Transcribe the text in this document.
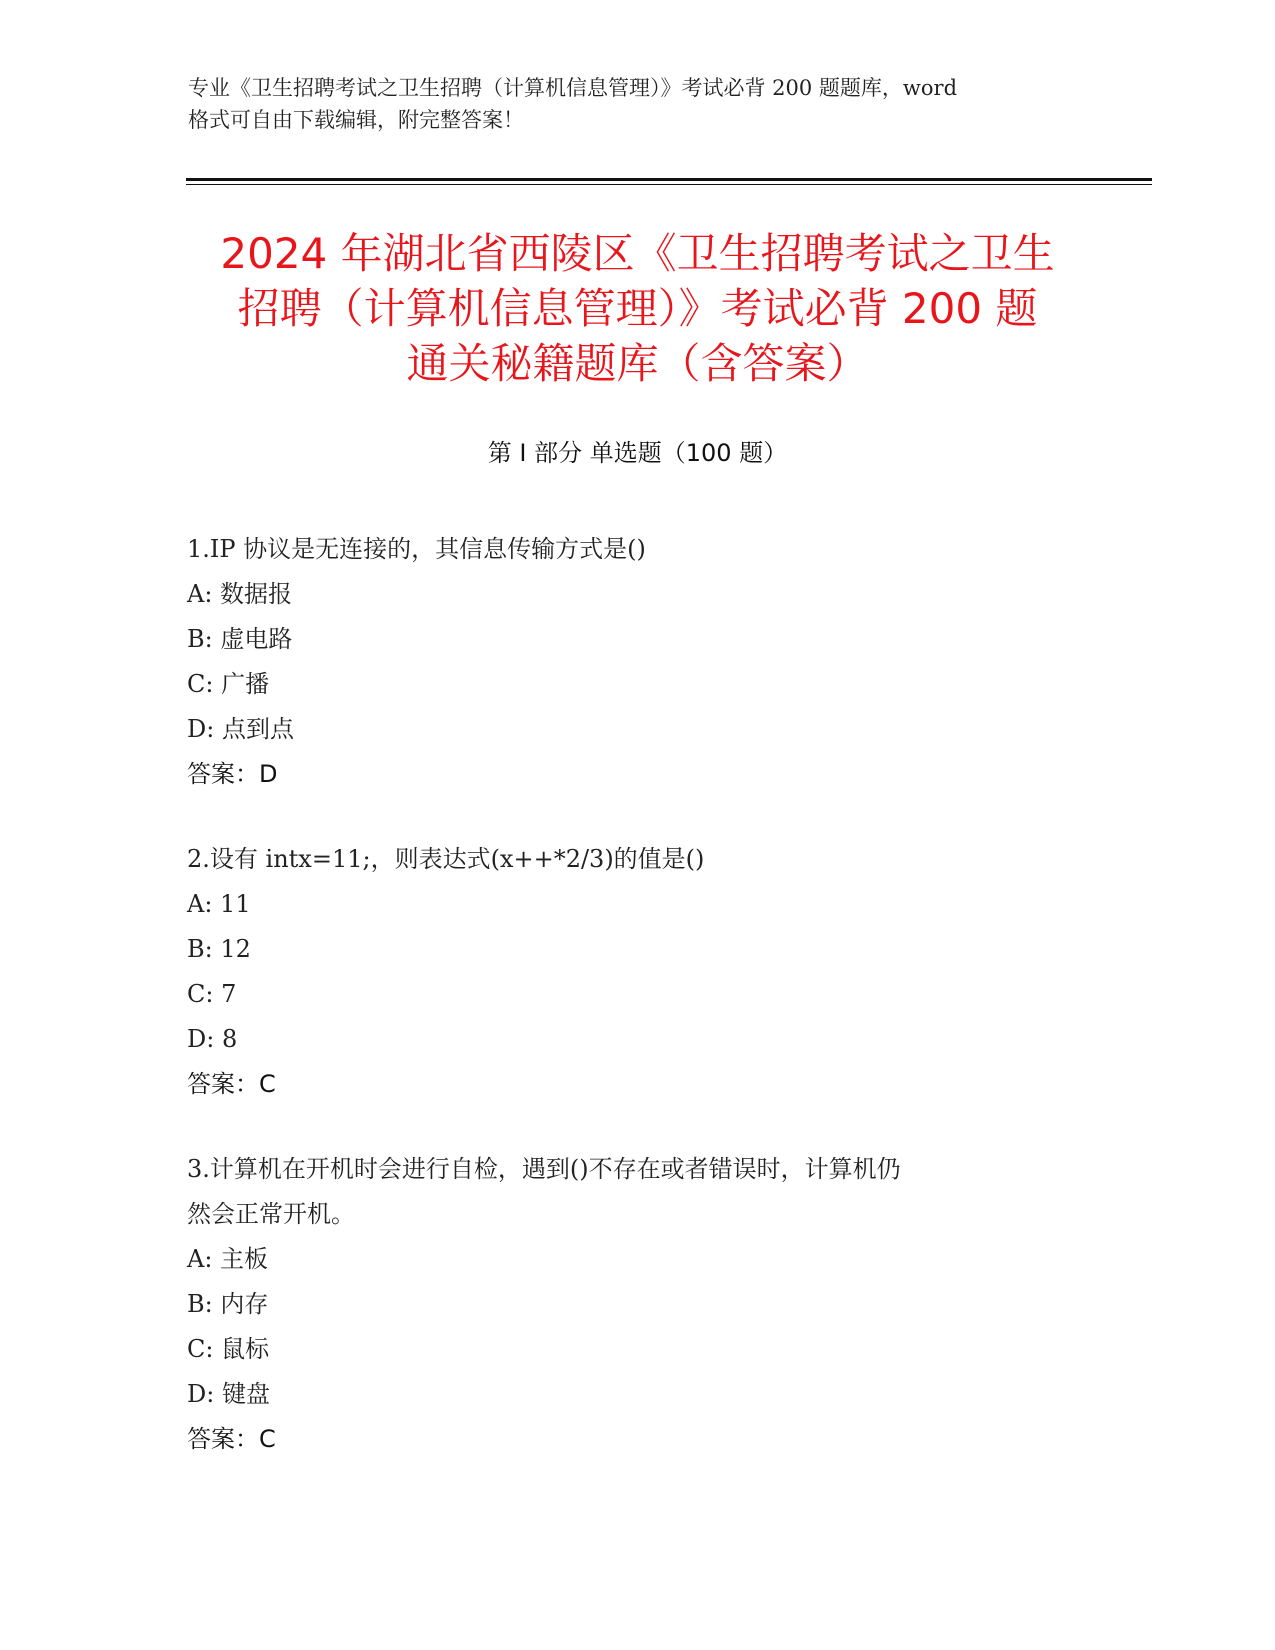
专业《卫生招聘考试之卫生招聘（计算机信息管理）》考试必背 200 题题库，word
格式可自由下载编辑，附完整答案！
2024 年湖北省西陵区《卫生招聘考试之卫生
招聘（计算机信息管理）》考试必背 200 题
通关秘籍题库（含答案）
第 I 部分 单选题（100 题）
1.IP 协议是无连接的，其信息传输方式是()
A: 数据报
B: 虚电路
C: 广播
D: 点到点
答案：D
2.设有 intx=11;，则表达式(x++*2/3)的值是()
A: 11
B: 12
C: 7
D: 8
答案：C
3.计算机在开机时会进行自检，遇到()不存在或者错误时，计算机仍
然会正常开机。
A: 主板
B: 内存
C: 鼠标
D: 键盘
答案：C
